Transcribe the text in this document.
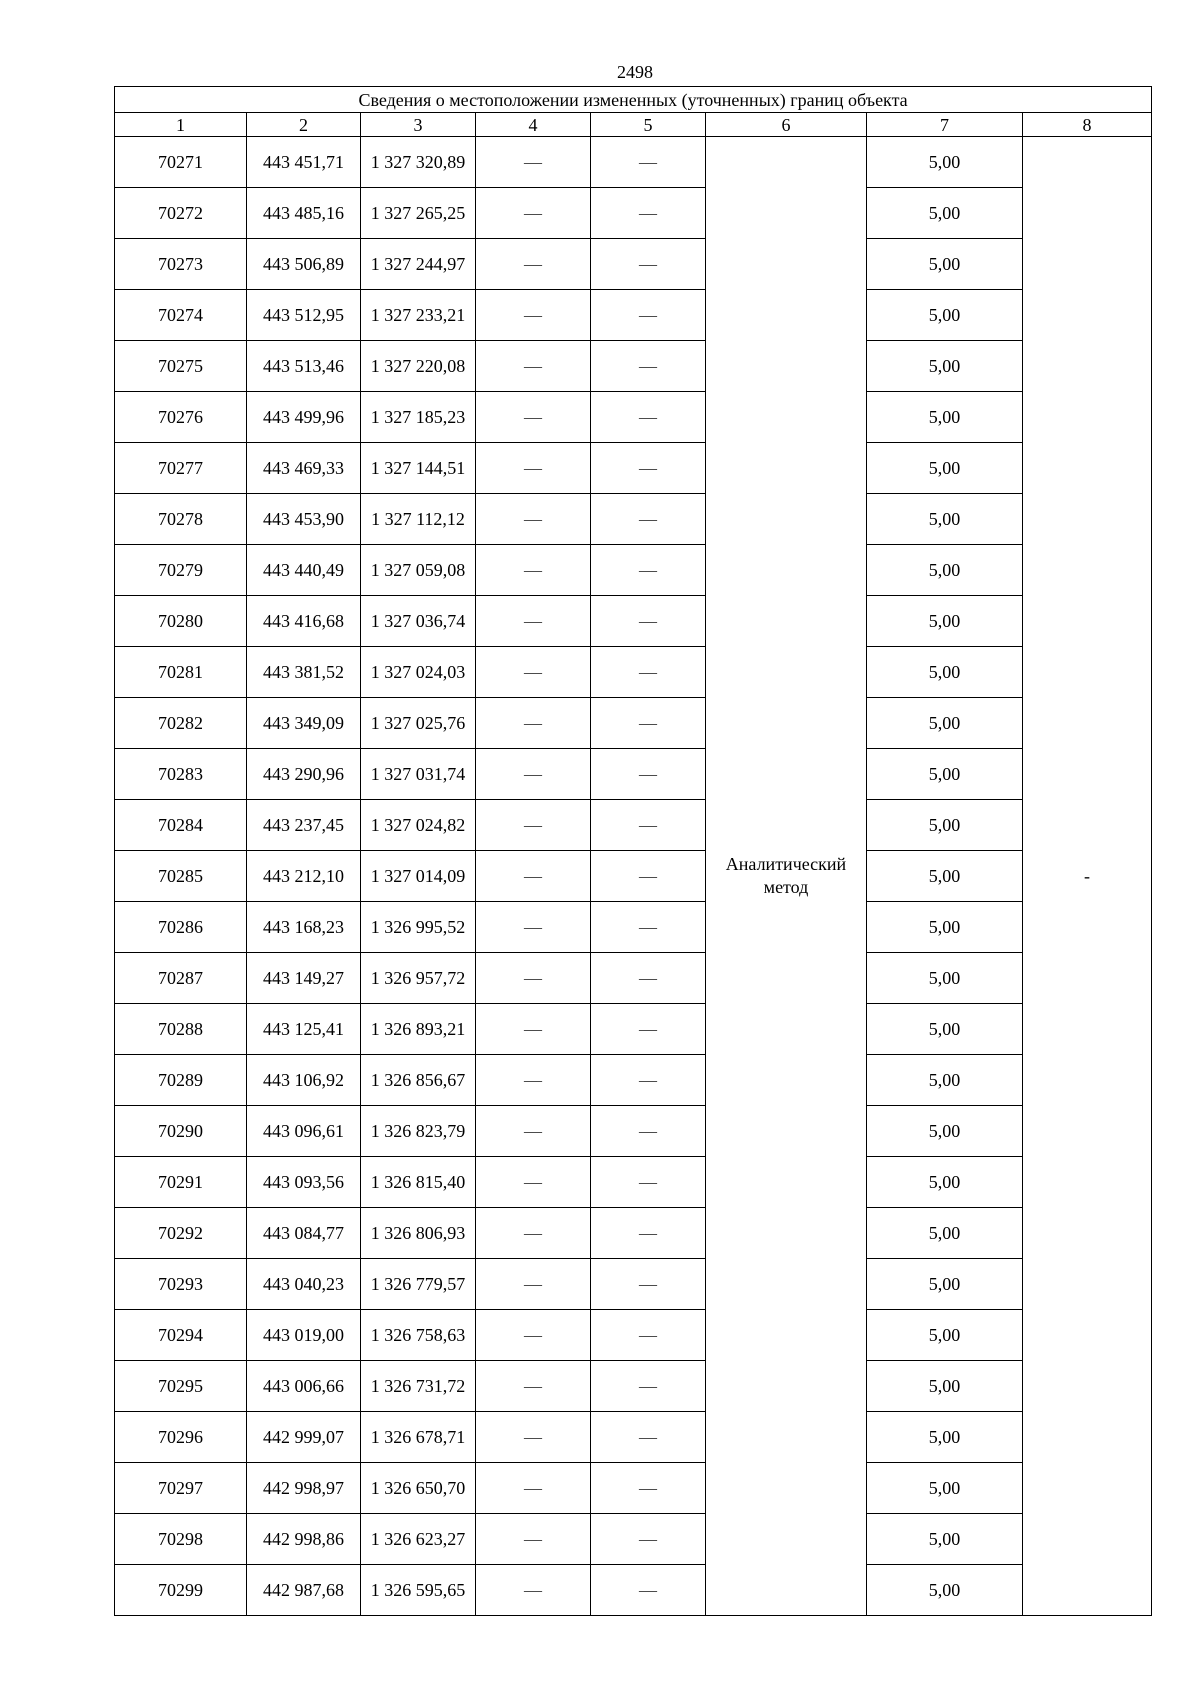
2498
Сведения о местоположении измененных (уточненных) границ объекта							
1	2	3	4	5	6	7	8
70271	443 451,71	1 327 320,89	—	—	Аналитический метод	5,00	-
70272	443 485,16	1 327 265,25	—	—		5,00	
70273	443 506,89	1 327 244,97	—	—		5,00	
70274	443 512,95	1 327 233,21	—	—		5,00	
70275	443 513,46	1 327 220,08	—	—		5,00	
70276	443 499,96	1 327 185,23	—	—		5,00	
70277	443 469,33	1 327 144,51	—	—		5,00	
70278	443 453,90	1 327 112,12	—	—		5,00	
70279	443 440,49	1 327 059,08	—	—		5,00	
70280	443 416,68	1 327 036,74	—	—		5,00	
70281	443 381,52	1 327 024,03	—	—		5,00	
70282	443 349,09	1 327 025,76	—	—		5,00	
70283	443 290,96	1 327 031,74	—	—		5,00	
70284	443 237,45	1 327 024,82	—	—		5,00	
70285	443 212,10	1 327 014,09	—	—		5,00	
70286	443 168,23	1 326 995,52	—	—		5,00	
70287	443 149,27	1 326 957,72	—	—		5,00	
70288	443 125,41	1 326 893,21	—	—		5,00	
70289	443 106,92	1 326 856,67	—	—		5,00	
70290	443 096,61	1 326 823,79	—	—		5,00	
70291	443 093,56	1 326 815,40	—	—		5,00	
70292	443 084,77	1 326 806,93	—	—		5,00	
70293	443 040,23	1 326 779,57	—	—		5,00	
70294	443 019,00	1 326 758,63	—	—		5,00	
70295	443 006,66	1 326 731,72	—	—		5,00	
70296	442 999,07	1 326 678,71	—	—		5,00	
70297	442 998,97	1 326 650,70	—	—		5,00	
70298	442 998,86	1 326 623,27	—	—		5,00	
70299	442 987,68	1 326 595,65	—	—		5,00	
